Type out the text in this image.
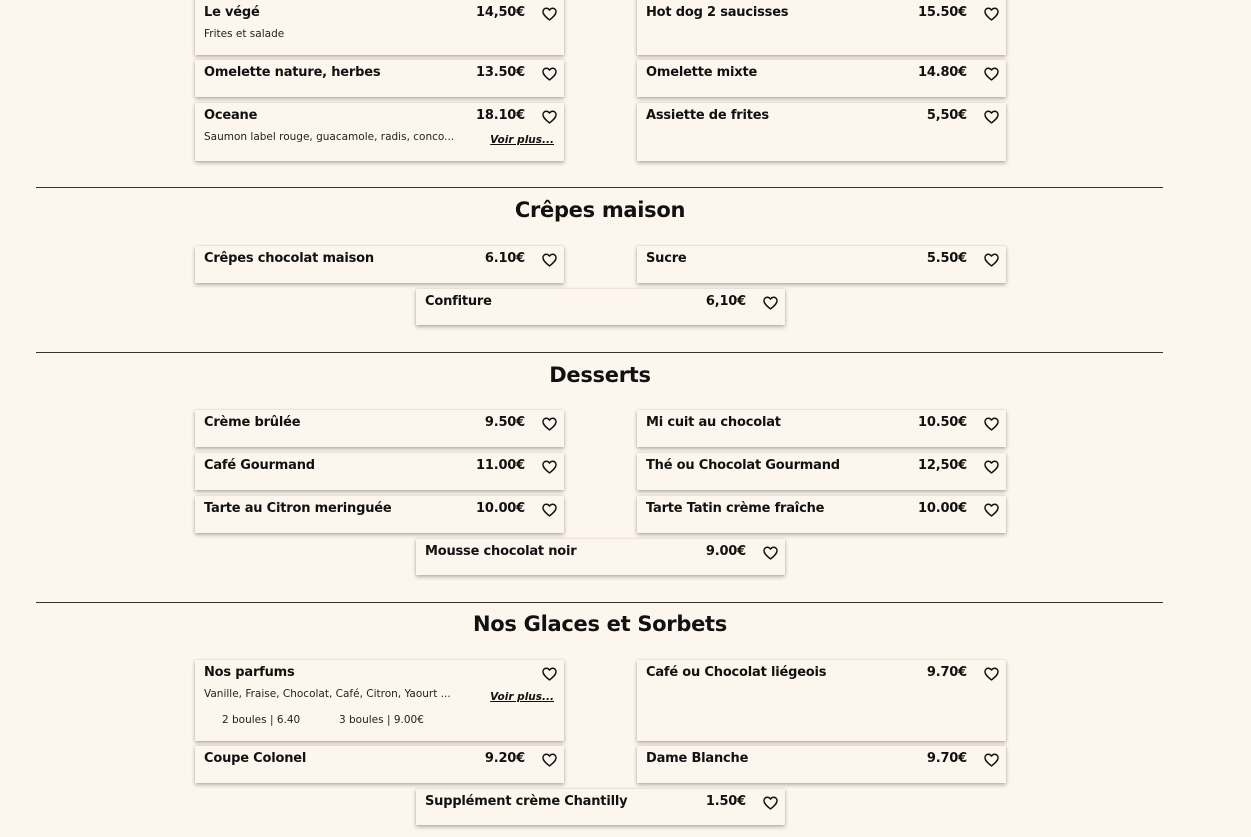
Le végé	14,50€
Frites et salade
Hot dog 2 saucisses	15.50€
Omelette nature, herbes	13.50€	Omelette mixte	14.80€
Oceane	18.10€
Saumon label rouge, guacamole, radis, conco...	Voir plus...
Assiette de frites	5,50€
Crêpes maison
Crêpes chocolat maison	6.10€	Sucre	5.50€
Confiture	6,10€
Desserts
Crème brûlée	9.50€	Mi cuit au chocolat	10.50€
Café Gourmand	11.00€	Thé ou Chocolat Gourmand	12,50€
Tarte au Citron meringuée	10.00€	Tarte Tatin crème fraîche	10.00€
Mousse chocolat noir	9.00€
Nos Glaces et Sorbets
Nos parfums
Vanille, Fraise, Chocolat, Café, Citron, Yaourt ...	Voir plus...
2 boules | 6.40	3 boules | 9.00€
Café ou Chocolat liégeois	9.70€
Coupe Colonel	9.20€	Dame Blanche	9.70€
Supplément crème Chantilly	1.50€
